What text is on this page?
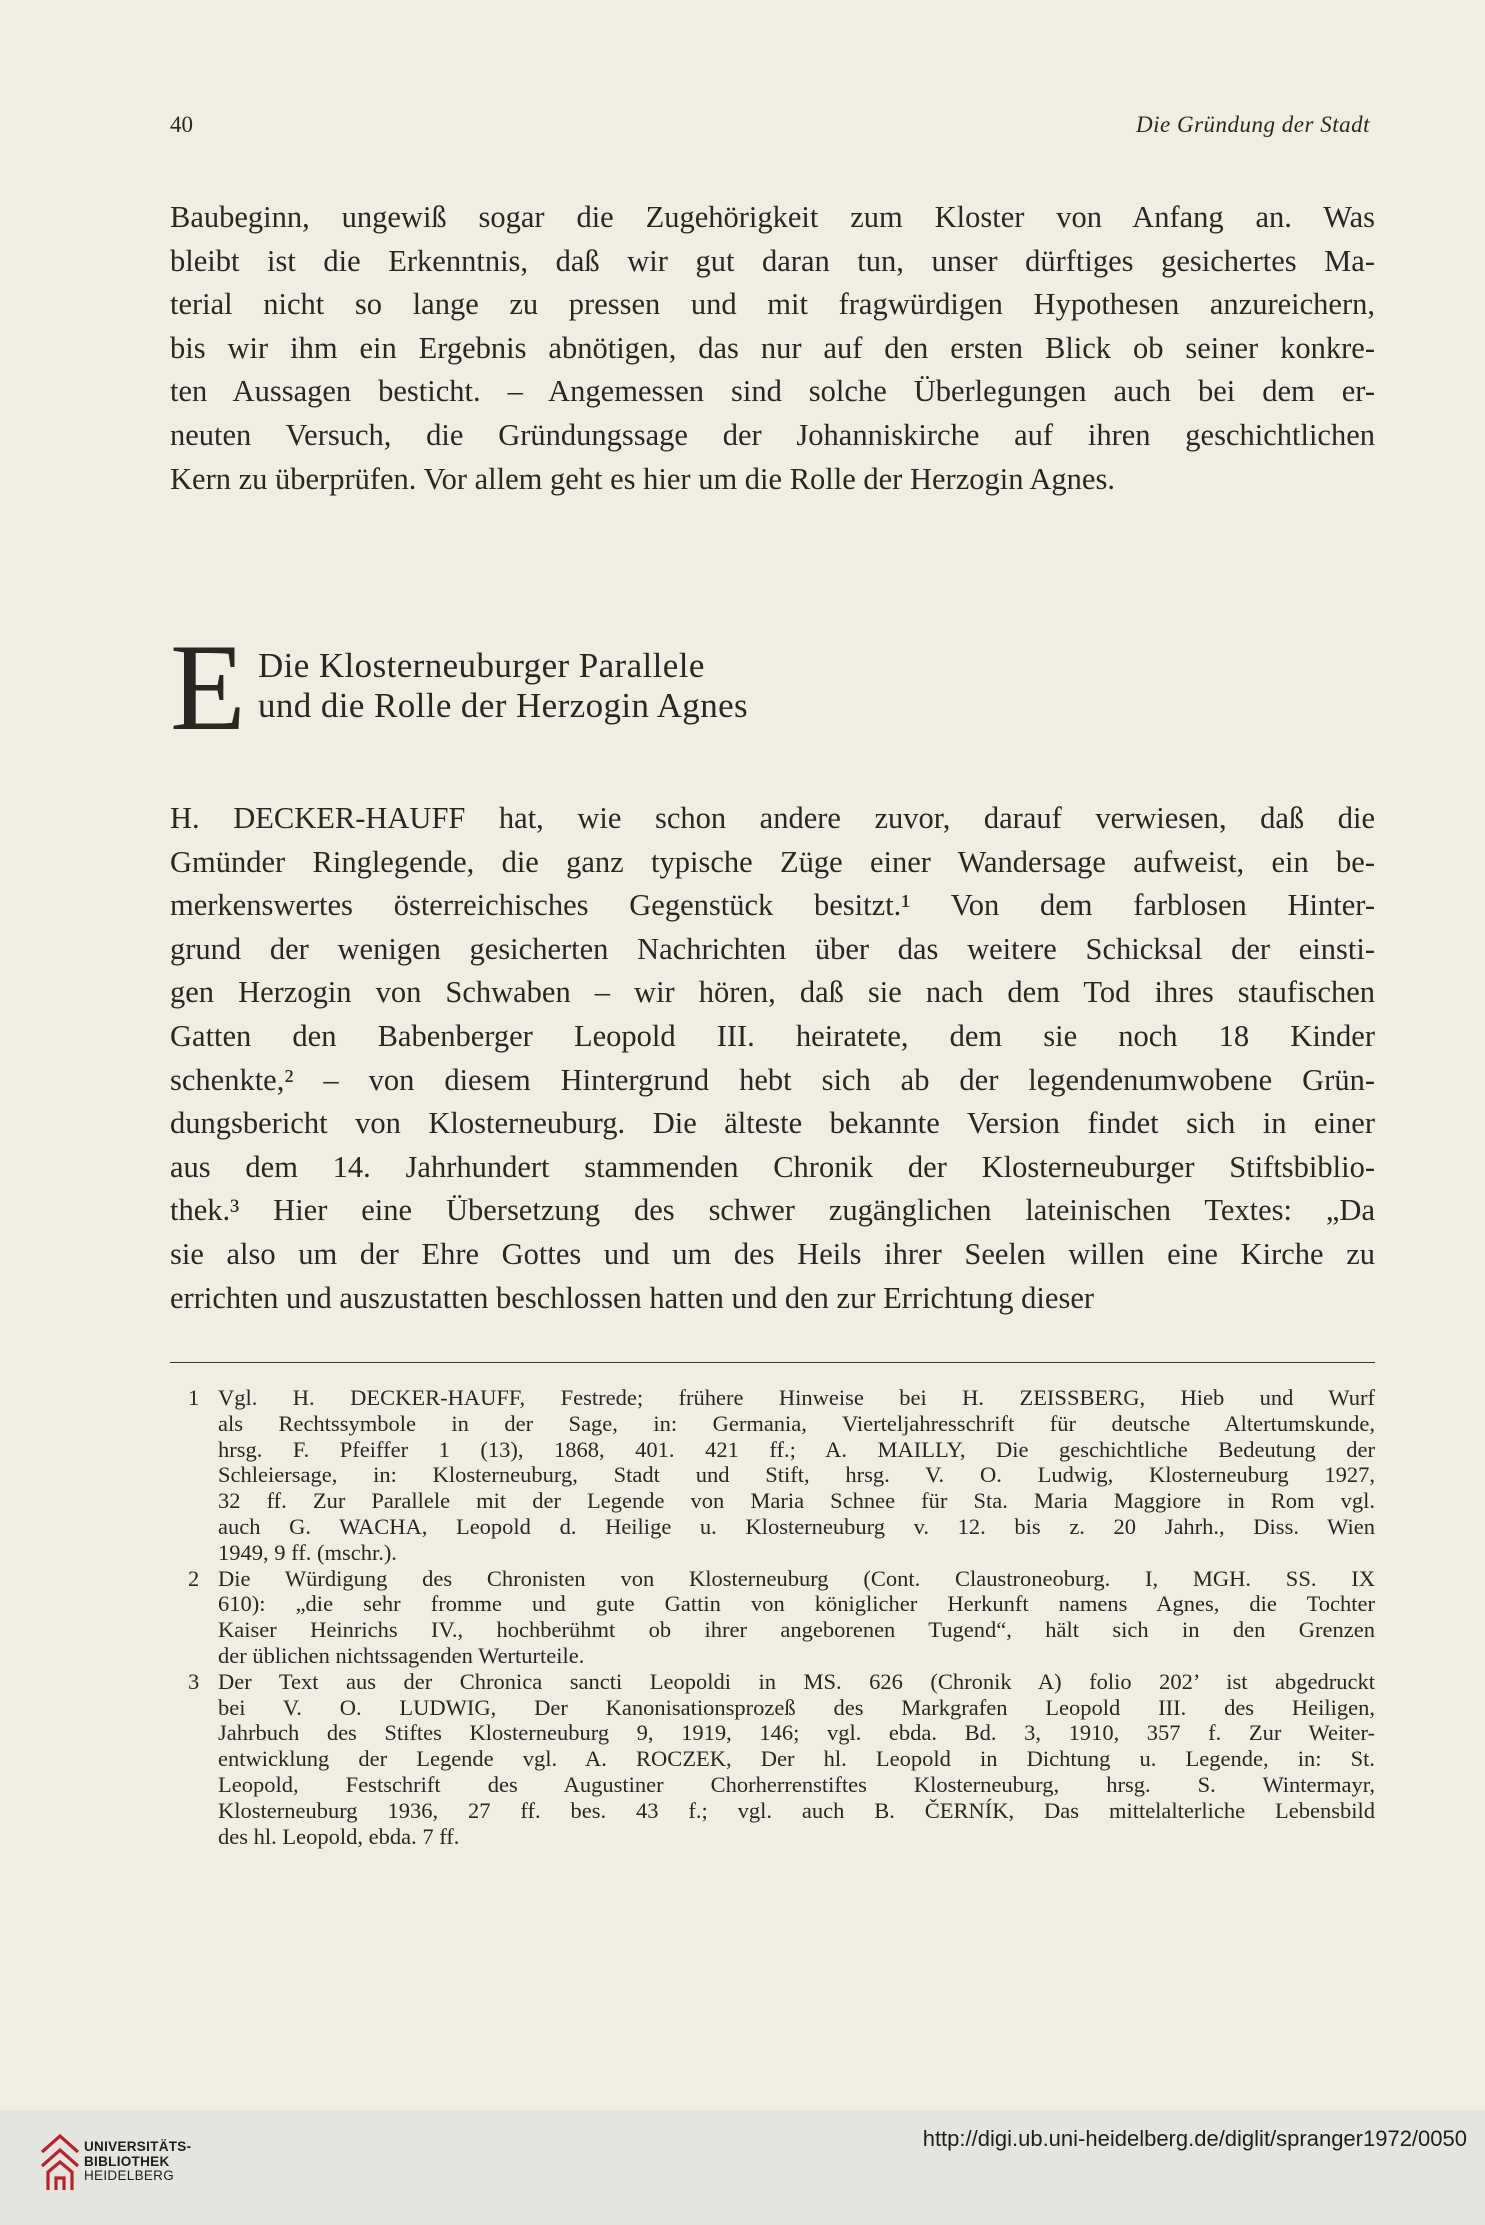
40	Die Gründung der Stadt
Baubeginn, ungewiß sogar die Zugehörigkeit zum Kloster von Anfang an. Was
bleibt ist die Erkenntnis, daß wir gut daran tun, unser dürftiges gesichertes Ma-
terial nicht so lange zu pressen und mit fragwürdigen Hypothesen anzureichern,
bis wir ihm ein Ergebnis abnötigen, das nur auf den ersten Blick ob seiner konkre-
ten Aussagen besticht. – Angemessen sind solche Überlegungen auch bei dem er-
neuten Versuch, die Gründungssage der Johanniskirche auf ihren geschichtlichen
Kern zu überprüfen. Vor allem geht es hier um die Rolle der Herzogin Agnes.
E Die Klosterneuburger Parallele
und die Rolle der Herzogin Agnes
H. DECKER-HAUFF hat, wie schon andere zuvor, darauf verwiesen, daß die
Gmünder Ringlegende, die ganz typische Züge einer Wandersage aufweist, ein be-
merkenswertes österreichisches Gegenstück besitzt.¹ Von dem farblosen Hinter-
grund der wenigen gesicherten Nachrichten über das weitere Schicksal der einsti-
gen Herzogin von Schwaben – wir hören, daß sie nach dem Tod ihres staufischen
Gatten den Babenberger Leopold III. heiratete, dem sie noch 18 Kinder
schenkte,² – von diesem Hintergrund hebt sich ab der legendenumwobene Grün-
dungsbericht von Klosterneuburg. Die älteste bekannte Version findet sich in einer
aus dem 14. Jahrhundert stammenden Chronik der Klosterneuburger Stiftsbiblio-
thek.³ Hier eine Übersetzung des schwer zugänglichen lateinischen Textes: „Da
sie also um der Ehre Gottes und um des Heils ihrer Seelen willen eine Kirche zu
errichten und auszustatten beschlossen hatten und den zur Errichtung dieser
1 Vgl. H. DECKER-HAUFF, Festrede; frühere Hinweise bei H. ZEISSBERG, Hieb und Wurf
als Rechtssymbole in der Sage, in: Germania, Vierteljahresschrift für deutsche Altertumskunde,
hrsg. F. Pfeiffer 1 (13), 1868, 401. 421 ff.; A. MAILLY, Die geschichtliche Bedeutung der
Schleiersage, in: Klosterneuburg, Stadt und Stift, hrsg. V. O. Ludwig, Klosterneuburg 1927,
32 ff. Zur Parallele mit der Legende von Maria Schnee für Sta. Maria Maggiore in Rom vgl.
auch G. WACHA, Leopold d. Heilige u. Klosterneuburg v. 12. bis z. 20 Jahrh., Diss. Wien
1949, 9 ff. (mschr.).
2 Die Würdigung des Chronisten von Klosterneuburg (Cont. Claustroneoburg. I, MGH. SS. IX
610): „die sehr fromme und gute Gattin von königlicher Herkunft namens Agnes, die Tochter
Kaiser Heinrichs IV., hochberühmt ob ihrer angeborenen Tugend“, hält sich in den Grenzen
der üblichen nichtssagenden Werturteile.
3 Der Text aus der Chronica sancti Leopoldi in MS. 626 (Chronik A) folio 202’ ist abgedruckt
bei V. O. LUDWIG, Der Kanonisationsprozeß des Markgrafen Leopold III. des Heiligen,
Jahrbuch des Stiftes Klosterneuburg 9, 1919, 146; vgl. ebda. Bd. 3, 1910, 357 f. Zur Weiter-
entwicklung der Legende vgl. A. ROCZEK, Der hl. Leopold in Dichtung u. Legende, in: St.
Leopold, Festschrift des Augustiner Chorherrenstiftes Klosterneuburg, hrsg. S. Wintermayr,
Klosterneuburg 1936, 27 ff. bes. 43 f.; vgl. auch B. ČERNÍK, Das mittelalterliche Lebensbild
des hl. Leopold, ebda. 7 ff.
UNIVERSITÄTS-
BIBLIOTHEK
HEIDELBERG
http://digi.ub.uni-heidelberg.de/diglit/spranger1972/0050
